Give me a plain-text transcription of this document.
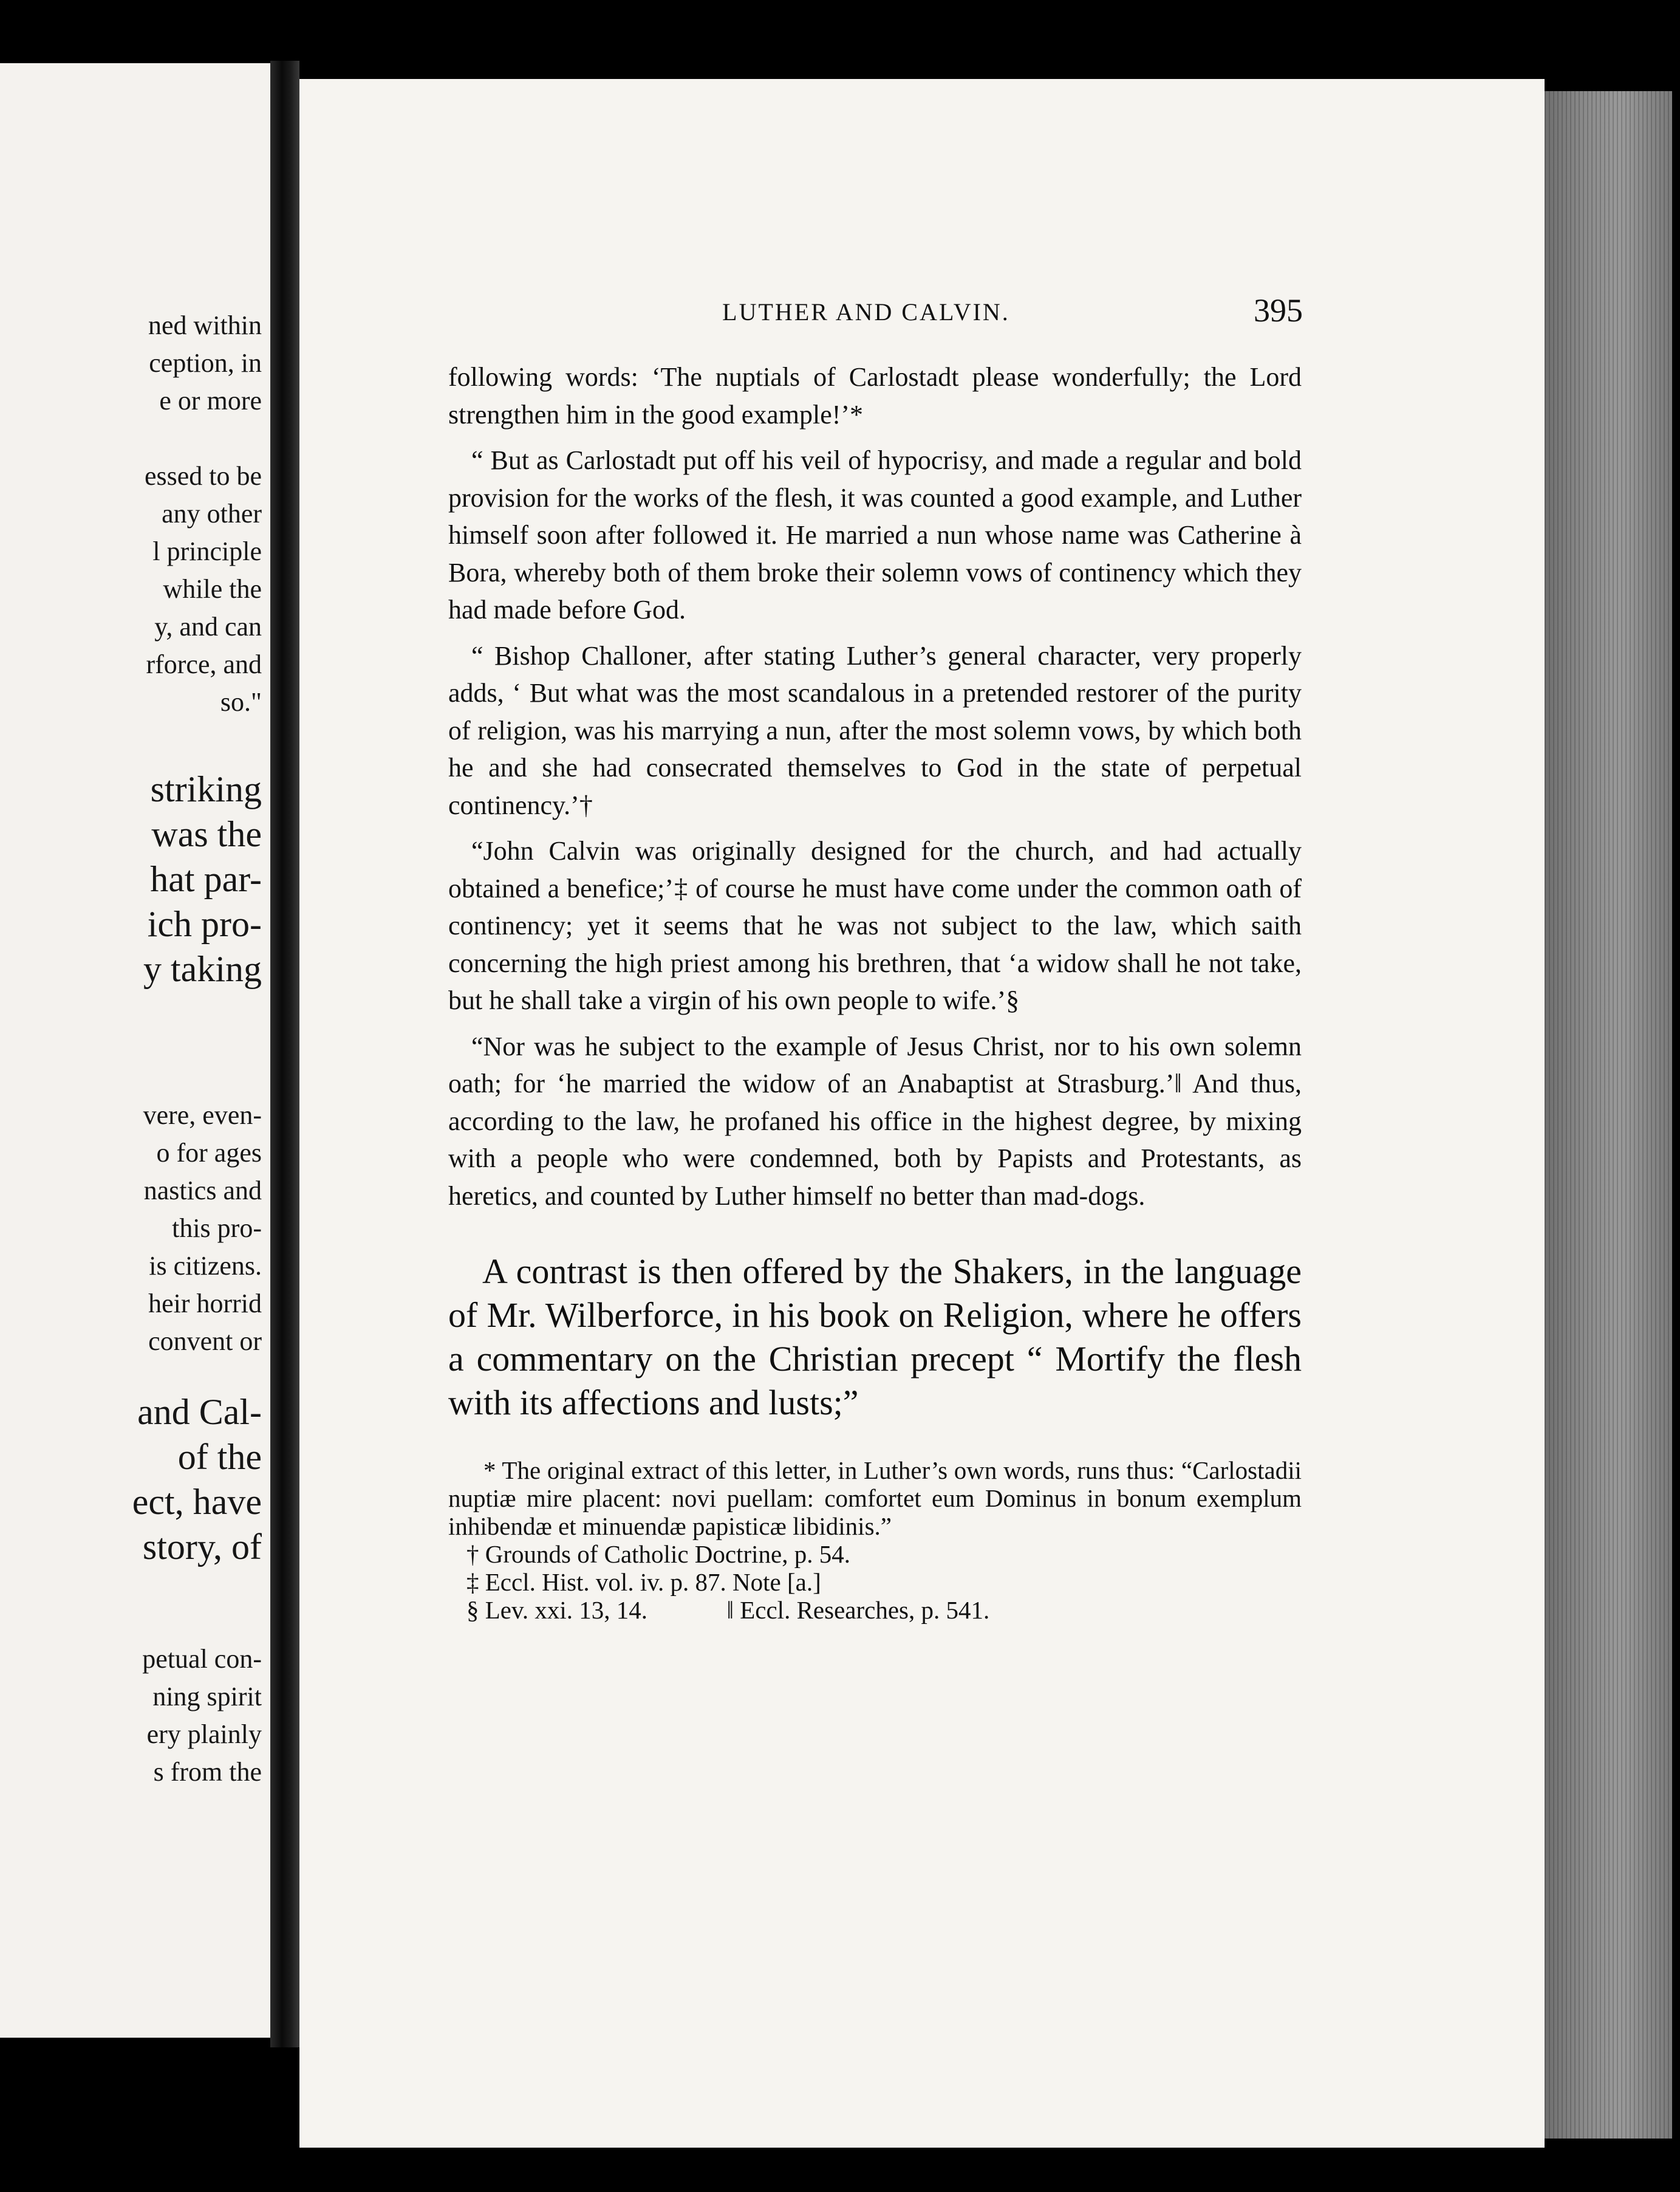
ned within
ception, in
e or more
essed to be
any other
l principle
while the
y, and can
rforce, and
so."
striking
was the
hat par-
ich pro-
y taking
vere, even-
o for ages
nastics and
this pro-
is citizens.
heir horrid
convent or
and Cal-
of the
ect, have
story, of
petual con-
ning spirit
ery plainly
s from the
LUTHER AND CALVIN.	395

following words: ‘The nuptials of Carlostadt please wonderfully; the Lord strengthen him in the good example!’*

“ But as Carlostadt put off his veil of hypocrisy, and made a regular and bold provision for the works of the flesh, it was counted a good example, and Luther himself soon after followed it. He married a nun whose name was Catherine à Bora, whereby both of them broke their solemn vows of continency which they had made before God.

“ Bishop Challoner, after stating Luther’s general character, very properly adds, ‘ But what was the most scandalous in a pretended restorer of the purity of religion, was his marrying a nun, after the most solemn vows, by which both he and she had consecrated themselves to God in the state of perpetual continency.’†

“John Calvin was originally designed for the church, and had actually obtained a benefice;’‡ of course he must have come under the common oath of continency; yet it seems that he was not subject to the law, which saith concerning the high priest among his brethren, that ‘a widow shall he not take, but he shall take a virgin of his own people to wife.’§

“Nor was he subject to the example of Jesus Christ, nor to his own solemn oath; for ‘he married the widow of an Anabaptist at Strasburg.’‖ And thus, according to the law, he profaned his office in the highest degree, by mixing with a people who were condemned, both by Papists and Protestants, as heretics, and counted by Luther himself no better than mad-dogs.

A contrast is then offered by the Shakers, in the language of Mr. Wilberforce, in his book on Religion, where he offers a commentary on the Christian precept “ Mortify the flesh with its affections and lusts;”

* The original extract of this letter, in Luther’s own words, runs thus: “Carlostadii nuptiæ mire placent: novi puellam: comfortet eum Dominus in bonum exemplum inhibendæ et minuendæ papisticæ libidinis.”

† Grounds of Catholic Doctrine, p. 54.
‡ Eccl. Hist. vol. iv. p. 87. Note [a.]
§ Lev. xxi. 13, 14.	‖ Eccl. Researches, p. 541.
